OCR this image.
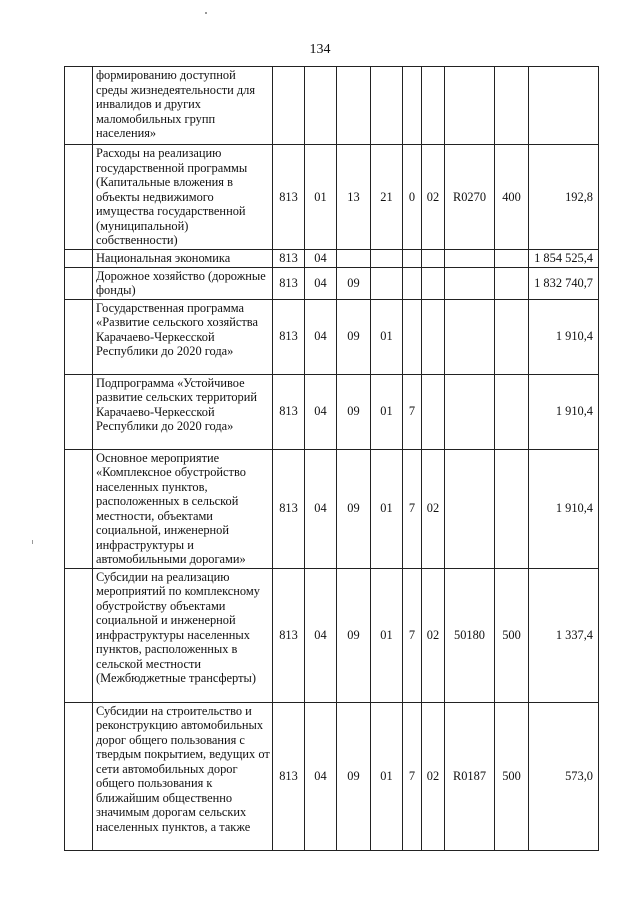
134
	формированию доступной среды жизнедеятельности для инвалидов и других маломобильных групп населения»									
	Расходы на реализацию государственной программы (Капитальные вложения в объекты недвижимого имущества государственной (муниципальной) собственности)	813	01	13	21	0	02	R0270	400	192,8
	Национальная экономика	813	04							1 854 525,4
	Дорожное хозяйство (дорожные фонды)	813	04	09						1 832 740,7
	Государственная программа «Развитие сельского хозяйства Карачаево-Черкесской Республики до 2020 года»	813	04	09	01					1 910,4
	Подпрограмма «Устойчивое развитие сельских территорий Карачаево-Черкесской Республики до 2020 года»	813	04	09	01	7				1 910,4
	Основное мероприятие «Комплексное обустройство населенных пунктов, расположенных в сельской местности, объектами социальной, инженерной инфраструктуры и автомобильными дорогами»	813	04	09	01	7	02			1 910,4
	Субсидии на реализацию мероприятий по комплексному обустройству объектами социальной и инженерной инфраструктуры населенных пунктов, расположенных в сельской местности (Межбюджетные трансферты)	813	04	09	01	7	02	50180	500	1 337,4
	Субсидии на строительство и реконструкцию автомобильных дорог общего пользования с твердым покрытием, ведущих от сети автомобильных дорог общего пользования к ближайшим общественно значимым дорогам сельских населенных пунктов, а также	813	04	09	01	7	02	R0187	500	573,0
